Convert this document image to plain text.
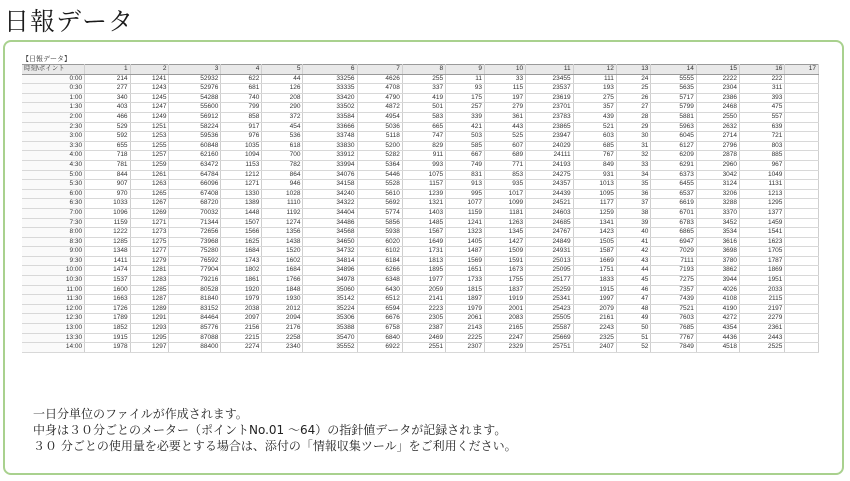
日報データ
【日報データ】
時刻\ポイント	1	2	3	4	5	6	7	8	9	10	11	12	13	14	15	16	17
0:00	214	1241	52932	622	44	33256	4626	255	11	33	23455	111	24	5555	2222	222	
0:30	277	1243	52976	681	126	33335	4708	337	93	115	23537	193	25	5635	2304	311	
1:00	340	1245	54288	740	208	33420	4790	419	175	197	23619	275	26	5717	2386	393	
1:30	403	1247	55600	799	290	33502	4872	501	257	279	23701	357	27	5799	2468	475	
2:00	466	1249	56912	858	372	33584	4954	583	339	361	23783	439	28	5881	2550	557	
2:30	529	1251	58224	917	454	33666	5036	665	421	443	23865	521	29	5963	2632	639	
3:00	592	1253	59536	976	536	33748	5118	747	503	525	23947	603	30	6045	2714	721	
3:30	655	1255	60848	1035	618	33830	5200	829	585	607	24029	685	31	6127	2796	803	
4:00	718	1257	62160	1094	700	33912	5282	911	667	689	24111	767	32	6209	2878	885	
4:30	781	1259	63472	1153	782	33994	5364	993	749	771	24193	849	33	6291	2960	967	
5:00	844	1261	64784	1212	864	34076	5446	1075	831	853	24275	931	34	6373	3042	1049	
5:30	907	1263	66096	1271	946	34158	5528	1157	913	935	24357	1013	35	6455	3124	1131	
6:00	970	1265	67408	1330	1028	34240	5610	1239	995	1017	24439	1095	36	6537	3206	1213	
6:30	1033	1267	68720	1389	1110	34322	5692	1321	1077	1099	24521	1177	37	6619	3288	1295	
7:00	1096	1269	70032	1448	1192	34404	5774	1403	1159	1181	24603	1259	38	6701	3370	1377	
7:30	1159	1271	71344	1507	1274	34486	5856	1485	1241	1263	24685	1341	39	6783	3452	1459	
8:00	1222	1273	72656	1566	1356	34568	5938	1567	1323	1345	24767	1423	40	6865	3534	1541	
8:30	1285	1275	73968	1625	1438	34650	6020	1649	1405	1427	24849	1505	41	6947	3616	1623	
9:00	1348	1277	75280	1684	1520	34732	6102	1731	1487	1509	24931	1587	42	7029	3698	1705	
9:30	1411	1279	76592	1743	1602	34814	6184	1813	1569	1591	25013	1669	43	7111	3780	1787	
10:00	1474	1281	77904	1802	1684	34896	6266	1895	1651	1673	25095	1751	44	7193	3862	1869	
10:30	1537	1283	79216	1861	1766	34978	6348	1977	1733	1755	25177	1833	45	7275	3944	1951	
11:00	1600	1285	80528	1920	1848	35060	6430	2059	1815	1837	25259	1915	46	7357	4026	2033	
11:30	1663	1287	81840	1979	1930	35142	6512	2141	1897	1919	25341	1997	47	7439	4108	2115	
12:00	1726	1289	83152	2038	2012	35224	6594	2223	1979	2001	25423	2079	48	7521	4190	2197	
12:30	1789	1291	84464	2097	2094	35306	6676	2305	2061	2083	25505	2161	49	7603	4272	2279	
13:00	1852	1293	85776	2156	2176	35388	6758	2387	2143	2165	25587	2243	50	7685	4354	2361	
13:30	1915	1295	87088	2215	2258	35470	6840	2469	2225	2247	25669	2325	51	7767	4436	2443	
14:00	1978	1297	88400	2274	2340	35552	6922	2551	2307	2329	25751	2407	52	7849	4518	2525	
一日分単位のファイルが作成されます。
中身は３０分ごとのメーター（ポイントNo.01 ～64）の指針値データが記録されます。
３０ 分ごとの使用量を必要とする場合は、添付の「情報収集ツール」をご利用ください。
